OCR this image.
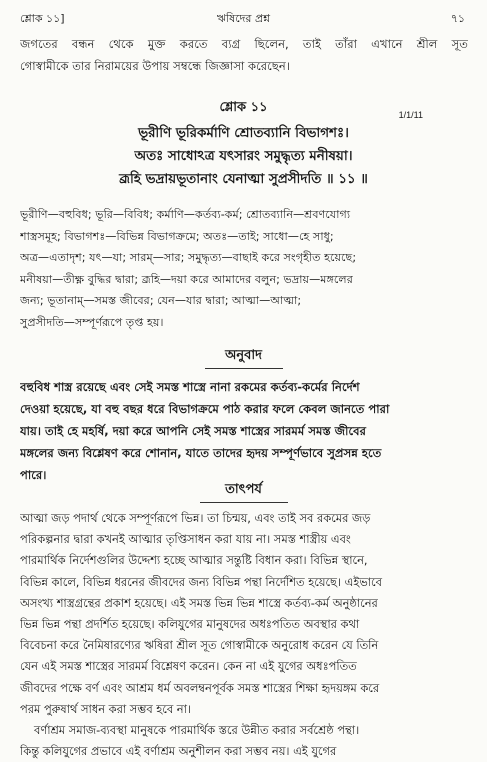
শ্লোক ১১]	ঋষিদের প্রশ্ন	৭১
জগতের বন্ধন থেকে মুক্ত করতে ব্যগ্র ছিলেন, তাই তাঁরা এখানে শ্রীল সূত
গোস্বামীকে তার নিরাময়ের উপায় সম্বন্ধে জিজ্ঞাসা করেছেন।
শ্লোক ১১	1/1/11
ভূরীণি ভূরিকর্মাণি শ্রোতব্যানি বিভাগশঃ।
অতঃ সাধোঽত্র যৎসারং সমুদ্ধৃত্য মনীষয়া।
ব্রূহি ভদ্রায়ভূতানাং যেনাত্মা সুপ্রসীদতি ॥ ১১ ॥
ভূরীণি—বহুবিধ; ভূরি—বিবিধ; কর্মাণি—কর্তব্য-কর্ম; শ্রোতব্যানি—শ্রবণযোগ্য
শাস্ত্রসমূহ; বিভাগশঃ—বিভিন্ন বিভাগক্রমে; অতঃ—তাই; সাধো—হে সাধু;
অত্র—এতাদৃশ; যৎ—যা; সারম্—সার; সমুদ্ধৃত্য—বাছাই করে সংগৃহীত হয়েছে;
মনীষয়া—তীক্ষ্ণ বুদ্ধির দ্বারা; ব্রূহি—দয়া করে আমাদের বলুন; ভদ্রায়—মঙ্গলের
জন্য; ভূতানাম্—সমস্ত জীবের; যেন—যার দ্বারা; আত্মা—আত্মা;
সুপ্রসীদতি—সম্পূর্ণরূপে তৃপ্ত হয়।
অনুবাদ
বহুবিধ শাস্ত্র রয়েছে এবং সেই সমস্ত শাস্ত্রে নানা রকমের কর্তব্য-কর্মের নির্দেশ
দেওয়া হয়েছে, যা বহু বছর ধরে বিভাগক্রমে পাঠ করার ফলে কেবল জানতে পারা
যায়। তাই হে মহর্ষি, দয়া করে আপনি সেই সমস্ত শাস্ত্রের সারমর্ম সমস্ত জীবের
মঙ্গলের জন্য বিশ্লেষণ করে শোনান, যাতে তাদের হৃদয় সম্পূর্ণভাবে সুপ্রসন্ন হতে
পারে।
তাৎপর্য
আত্মা জড় পদার্থ থেকে সম্পূর্ণরূপে ভিন্ন। তা চিন্ময়, এবং তাই সব রকমের জড়
পরিকল্পনার দ্বারা কখনই আত্মার তৃপ্তিসাধন করা যায় না। সমস্ত শাস্ত্রীয় এবং
পারমার্থিক নির্দেশগুলির উদ্দেশ্য হচ্ছে আত্মার সন্তুষ্টি বিধান করা। বিভিন্ন স্থানে,
বিভিন্ন কালে, বিভিন্ন ধরনের জীবদের জন্য বিভিন্ন পন্থা নির্দেশিত হয়েছে। এইভাবে
অসংখ্য শাস্ত্রগ্রন্থের প্রকাশ হয়েছে। এই সমস্ত ভিন্ন ভিন্ন শাস্ত্রে কর্তব্য-কর্ম অনুষ্ঠানের
ভিন্ন ভিন্ন পন্থা প্রদর্শিত হয়েছে। কলিযুগের মানুষদের অধঃপতিত অবস্থার কথা
বিবেচনা করে নৈমিষারণ্যের ঋষিরা শ্রীল সূত গোস্বামীকে অনুরোধ করেন যে তিনি
যেন এই সমস্ত শাস্ত্রের সারমর্ম বিশ্লেষণ করেন। কেন না এই যুগের অধঃপতিত
জীবদের পক্ষে বর্ণ এবং আশ্রম ধর্ম অবলম্বনপূর্বক সমস্ত শাস্ত্রের শিক্ষা হৃদয়ঙ্গম করে
পরম পুরুষার্থ সাধন করা সম্ভব হবে না।
বর্ণাশ্রম সমাজ-ব্যবস্থা মানুষকে পারমার্থিক স্তরে উন্নীত করার সর্বশ্রেষ্ঠ পন্থা।
কিন্তু কলিযুগের প্রভাবে এই বর্ণাশ্রম অনুশীলন করা সম্ভব নয়। এই যুগের
